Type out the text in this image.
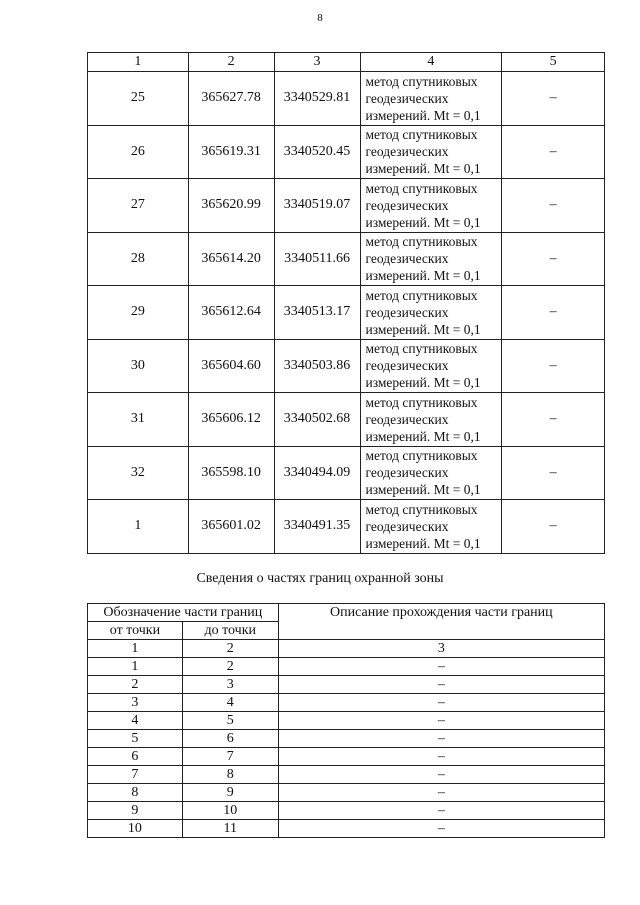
8
1	2	3	4	5
25	365627.78	3340529.81	метод спутниковых
геодезических
измерений. Mt = 0,1	–
26	365619.31	3340520.45	метод спутниковых
геодезических
измерений. Mt = 0,1	–
27	365620.99	3340519.07	метод спутниковых
геодезических
измерений. Mt = 0,1	–
28	365614.20	3340511.66	метод спутниковых
геодезических
измерений. Mt = 0,1	–
29	365612.64	3340513.17	метод спутниковых
геодезических
измерений. Mt = 0,1	–
30	365604.60	3340503.86	метод спутниковых
геодезических
измерений. Mt = 0,1	–
31	365606.12	3340502.68	метод спутниковых
геодезических
измерений. Mt = 0,1	–
32	365598.10	3340494.09	метод спутниковых
геодезических
измерений. Mt = 0,1	–
1	365601.02	3340491.35	метод спутниковых
геодезических
измерений. Mt = 0,1	–
Сведения о частях границ охранной зоны
Обозначение части границ		Описание прохождения части границ
от точки	до точки	
1	2	3
1	2	–
2	3	–
3	4	–
4	5	–
5	6	–
6	7	–
7	8	–
8	9	–
9	10	–
10	11	–
